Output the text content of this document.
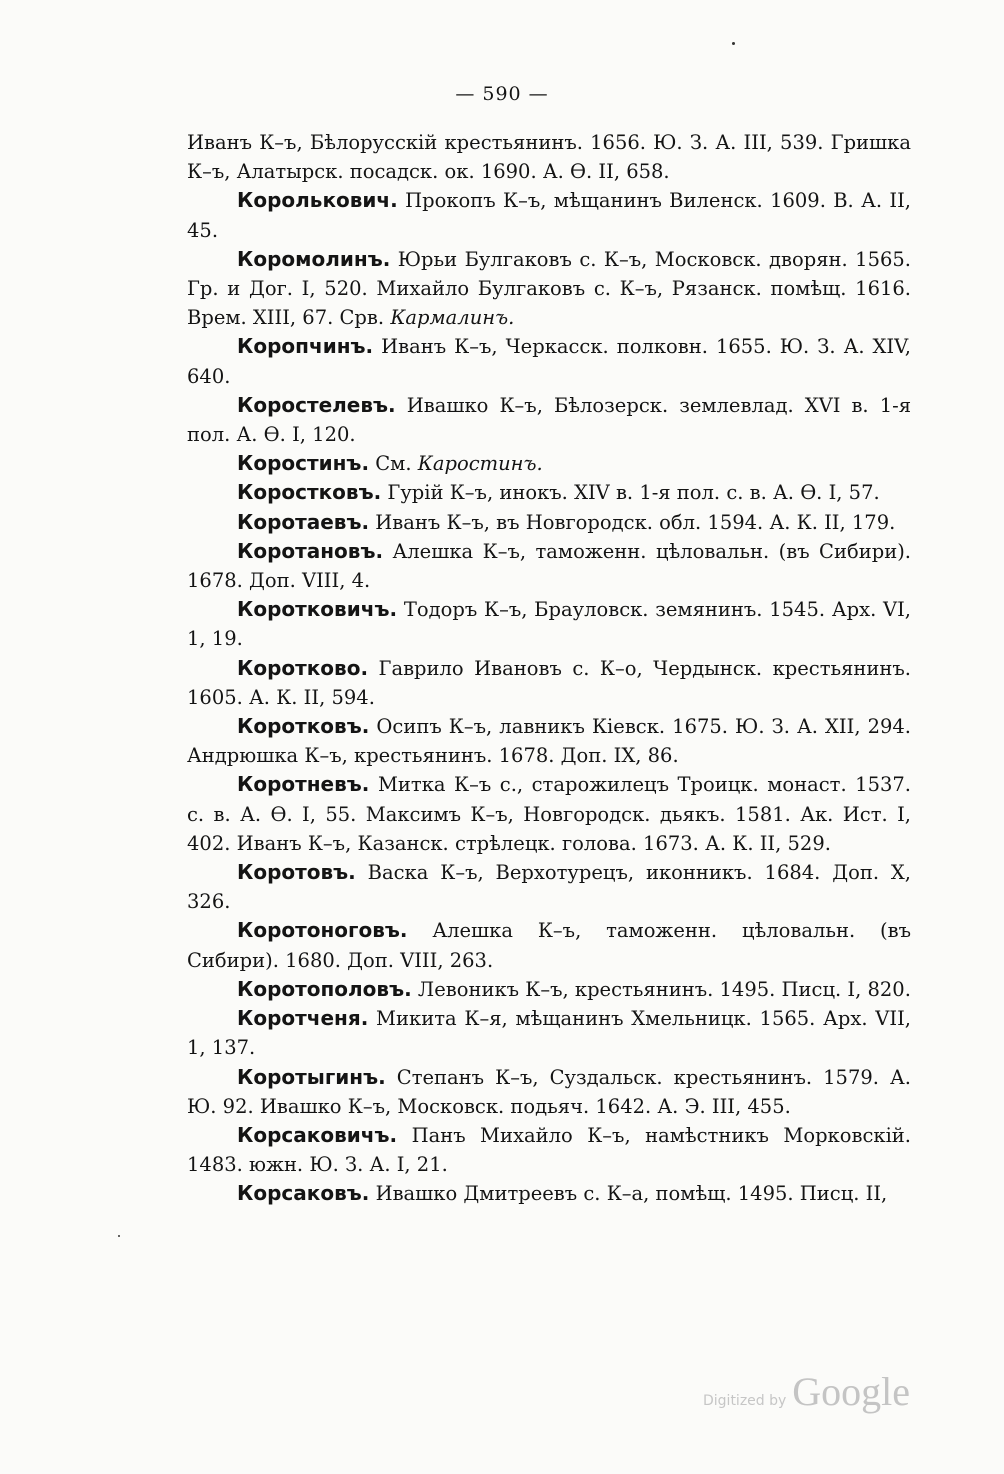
— 590 —

Иванъ К–ъ, Бѣлорусскій крестьянинъ. 1656. Ю. З. А. III, 539. Гришка К–ъ, Алатырск. посадск. ок. 1690. А. Ѳ. II, 658.

Королькович. Прокопъ К–ъ, мѣщанинъ Виленск. 1609. В. А. II, 45.

Коромолинъ. Юрьи Булгаковъ с. К–ъ, Московск. дворян. 1565. Гр. и Дог. I, 520. Михайло Булгаковъ с. К–ъ, Рязанск. помѣщ. 1616. Врем. XIII, 67. Срв. Кармалинъ.

Коропчинъ. Иванъ К–ъ, Черкасск. полковн. 1655. Ю. З. А. XIV, 640.

Коростелевъ. Ивашко К–ъ, Бѣлозерск. землевлад. XVI в. 1-я пол. А. Ѳ. I, 120.

Коростинъ. См. Каростинъ.

Коростковъ. Гурій К–ъ, инокъ. XIV в. 1-я пол. с. в. А. Ѳ. I, 57.

Коротаевъ. Иванъ К–ъ, въ Новгородск. обл. 1594. А. К. II, 179.

Коротановъ. Алешка К–ъ, таможенн. цѣловальн. (въ Сибири). 1678. Доп. VIII, 4.

Коротковичъ. Тодоръ К–ъ, Брауловск. земянинъ. 1545. Арх. VI, 1, 19.

Коротково. Гаврило Ивановъ с. К–о, Чердынск. крестьянинъ. 1605. А. К. II, 594.

Коротковъ. Осипъ К–ъ, лавникъ Кіевск. 1675. Ю. З. А. XII, 294. Андрюшка К–ъ, крестьянинъ. 1678. Доп. IX, 86.

Коротневъ. Митка К–ъ с., старожилецъ Троицк. монаст. 1537. с. в. А. Ѳ. I, 55. Максимъ К–ъ, Новгородск. дьякъ. 1581. Ак. Ист. I, 402. Иванъ К–ъ, Казанск. стрѣлецк. голова. 1673. А. К. II, 529.

Коротовъ. Васка К–ъ, Верхотурецъ, иконникъ. 1684. Доп. X, 326.

Коротоноговъ. Алешка К–ъ, таможенн. цѣловальн. (въ Сибири). 1680. Доп. VIII, 263.

Коротополовъ. Левоникъ К–ъ, крестьянинъ. 1495. Писц. I, 820.

Коротченя. Микита К–я, мѣщанинъ Хмельницк. 1565. Арх. VII, 1, 137.

Коротыгинъ. Степанъ К–ъ, Суздальск. крестьянинъ. 1579. А. Ю. 92. Ивашко К–ъ, Московск. подьяч. 1642. А. Э. III, 455.

Корсаковичъ. Панъ Михайло К–ъ, намѣстникъ Морковскій. 1483. южн. Ю. З. А. I, 21.

Корсаковъ. Ивашко Дмитреевъ с. К–а, помѣщ. 1495. Писц. II,

Digitized by Google
